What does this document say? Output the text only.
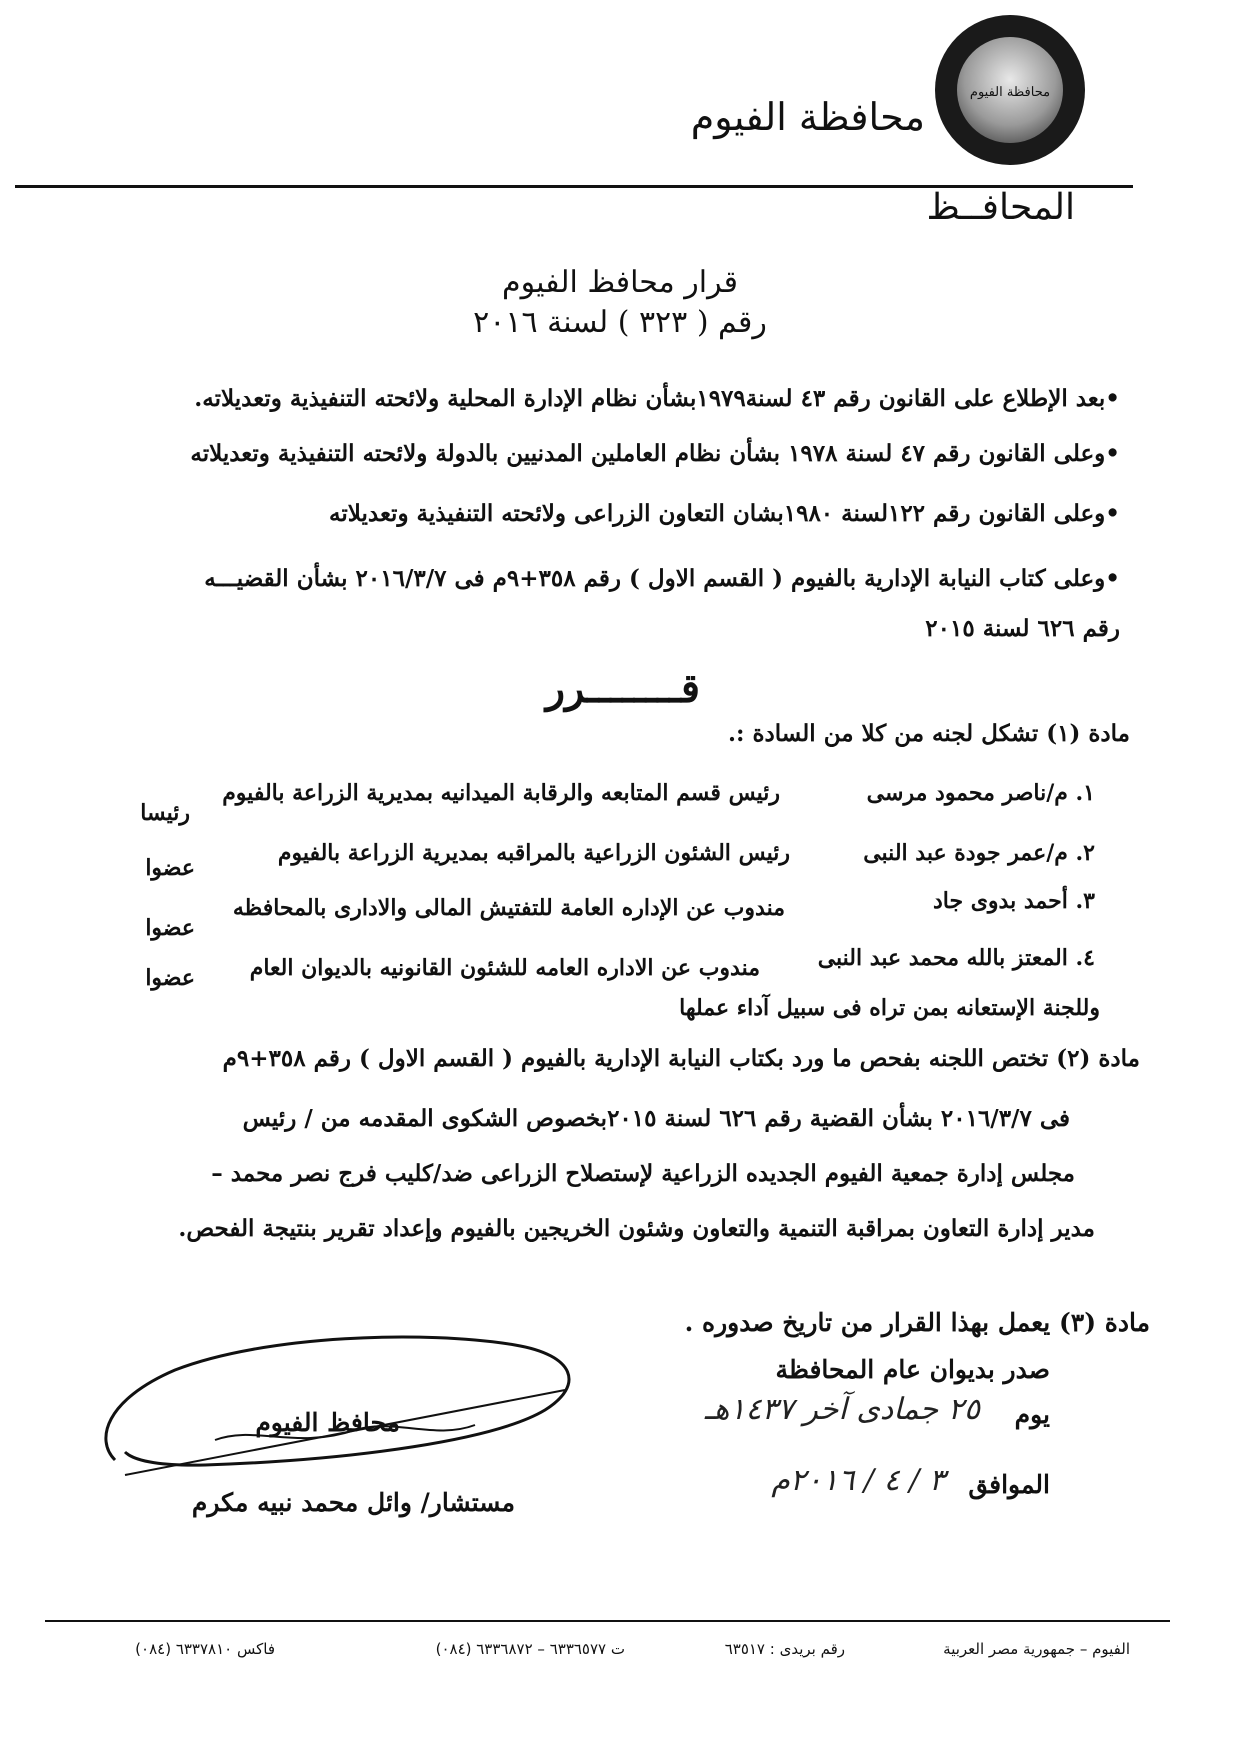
محافظة الفيوم
محافظة الفيوم
المحافــظ
قرار محافظ الفيوم
رقم ( ٣٢٣ ) لسنة ٢٠١٦
•بعد الإطلاع على القانون رقم ٤٣ لسنة١٩٧٩بشأن نظام الإدارة المحلية ولائحته التنفيذية وتعديلاته.
•وعلى القانون رقم ٤٧ لسنة ١٩٧٨ بشأن نظام العاملين المدنيين بالدولة ولائحته التنفيذية وتعديلاته
•وعلى القانون رقم ١٢٢لسنة ١٩٨٠بشان التعاون الزراعى ولائحته التنفيذية وتعديلاته
•وعلى كتاب النيابة الإدارية بالفيوم ( القسم الاول ) رقم ٣٥٨+٩م فى ٢٠١٦/٣/٧ بشأن القضيـــه
رقم ٦٢٦ لسنة ٢٠١٥
قــــــــرر
مادة (١) تشكل لجنه من كلا من السادة :.
١. م/ناصر محمود مرسى
رئيس قسم المتابعه والرقابة الميدانيه بمديرية الزراعة بالفيوم
رئيسا
٢. م/عمر جودة عبد النبى
رئيس الشئون الزراعية بالمراقبه بمديرية الزراعة بالفيوم
عضوا
٣. أحمد بدوى جاد
مندوب عن الإداره العامة للتفتيش المالى والادارى بالمحافظه
عضوا
٤. المعتز بالله محمد عبد النبى
مندوب عن الاداره العامه للشئون القانونيه بالديوان العام
عضوا
وللجنة الإستعانه بمن تراه فى سبيل آداء عملها
مادة (٢) تختص اللجنه بفحص ما ورد بكتاب النيابة الإدارية بالفيوم ( القسم الاول ) رقم ٣٥٨+٩م
فى ٢٠١٦/٣/٧ بشأن القضية رقم ٦٢٦ لسنة ٢٠١٥بخصوص الشكوى المقدمه من / رئيس
مجلس إدارة جمعية الفيوم الجديده الزراعية لإستصلاح الزراعى ضد/كليب فرج نصر محمد –
مدير إدارة التعاون بمراقبة التنمية والتعاون وشئون الخريجين بالفيوم وإعداد تقرير بنتيجة الفحص.
مادة (٣) يعمل بهذا القرار من تاريخ صدوره .
صدر بديوان عام المحافظة
يوم
٢٥ جمادى آخر ١٤٣٧هـ
الموافق
٣ / ٤ / ٢٠١٦م
محافظ الفيوم
مستشار/ وائل محمد نبيه مكرم
الفيوم – جمهورية مصر العربية
رقم بريدى : ٦٣٥١٧
ت ٦٣٣٦٥٧٧ – ٦٣٣٦٨٧٢ (٠٨٤)
فاكس ٦٣٣٧٨١٠ (٠٨٤)
